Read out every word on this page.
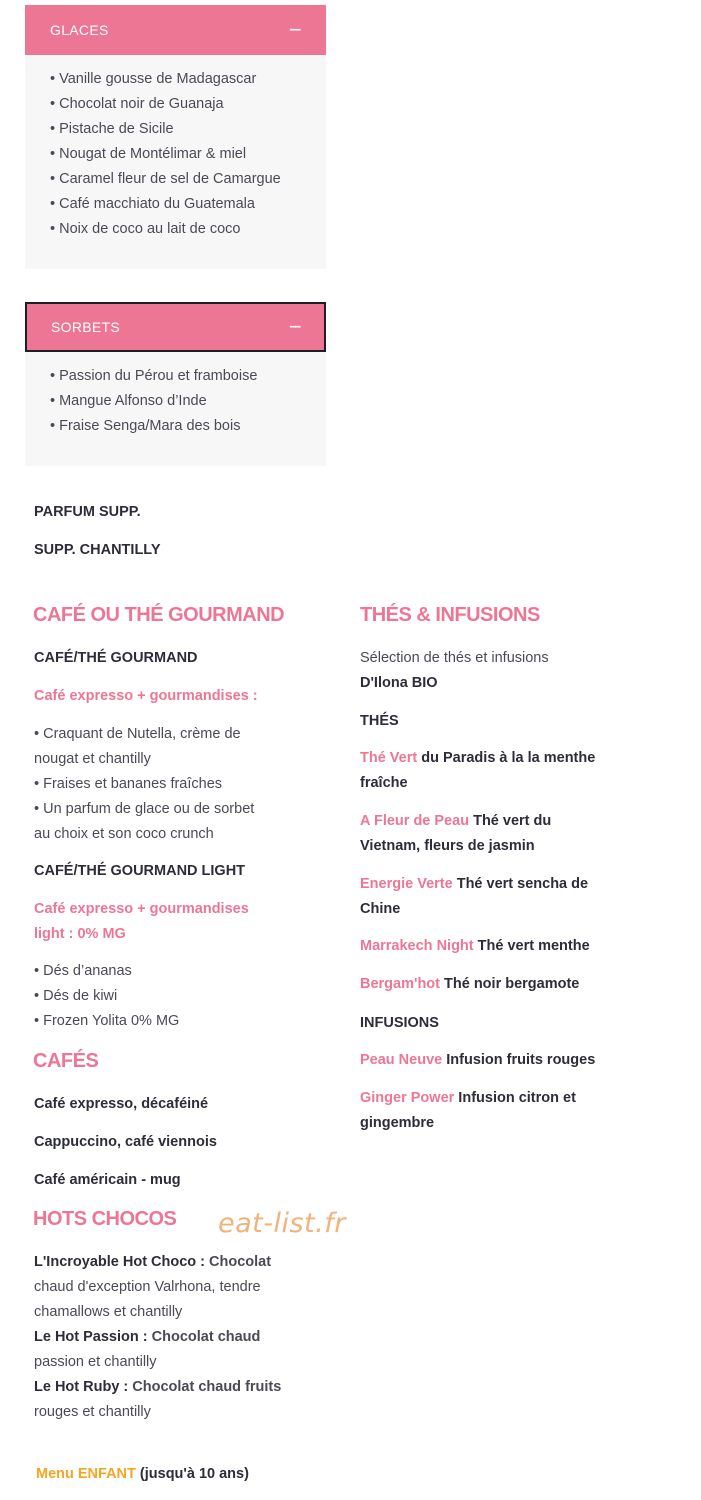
GLACES	−
• Vanille gousse de Madagascar
• Chocolat noir de Guanaja
• Pistache de Sicile
• Nougat de Montélimar & miel
• Caramel fleur de sel de Camargue
• Café macchiato du Guatemala
• Noix de coco au lait de coco
SORBETS	−
• Passion du Pérou et framboise
• Mangue Alfonso d’Inde
• Fraise Senga/Mara des bois
PARFUM SUPP.
SUPP. CHANTILLY
CAFÉ OU THÉ GOURMAND
CAFÉ/THÉ GOURMAND
Café expresso + gourmandises :
• Craquant de Nutella, crème de
nougat et chantilly
• Fraises et bananes fraîches
• Un parfum de glace ou de sorbet
au choix et son coco crunch
CAFÉ/THÉ GOURMAND LIGHT
Café expresso + gourmandises
light : 0% MG
• Dés d’ananas
• Dés de kiwi
• Frozen Yolita 0% MG
CAFÉS
Café expresso, décaféiné
Cappuccino, café viennois
Café américain - mug
HOTS CHOCOS eat-list.fr
L'Incroyable Hot Choco : Chocolat
chaud d'exception Valrhona, tendre
chamallows et chantilly
Le Hot Passion : Chocolat chaud
passion et chantilly
Le Hot Ruby : Chocolat chaud fruits
rouges et chantilly
THÉS & INFUSIONS
Sélection de thés et infusions
D'Ilona BIO
THÉS
Thé Vert du Paradis à la la menthe
fraîche
A Fleur de Peau Thé vert du
Vietnam, fleurs de jasmin
Energie Verte Thé vert sencha de
Chine
Marrakech Night Thé vert menthe
Bergam'hot Thé noir bergamote
INFUSIONS
Peau Neuve Infusion fruits rouges
Ginger Power Infusion citron et
gingembre
Menu ENFANT (jusqu'à 10 ans)
